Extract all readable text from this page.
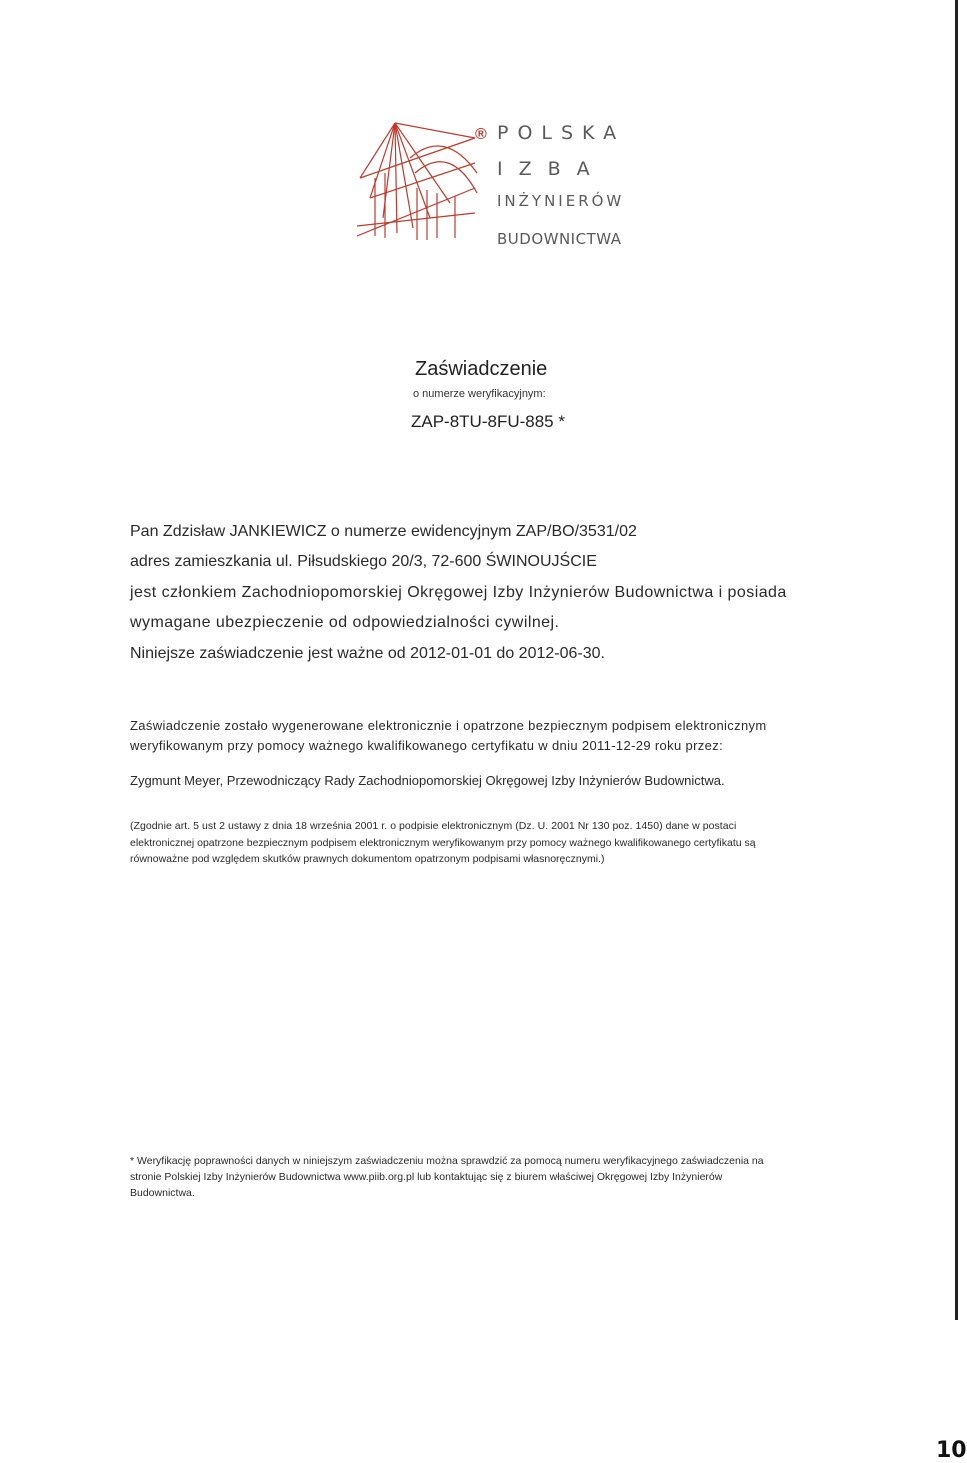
® POLSKA
IZBA
INŻYNIERÓW
BUDOWNICTWA
Zaświadczenie
o numerze weryfikacyjnym:
ZAP-8TU-8FU-885 *
Pan Zdzisław JANKIEWICZ o numerze ewidencyjnym ZAP/BO/3531/02
adres zamieszkania ul. Piłsudskiego 20/3, 72-600 ŚWINOUJŚCIE
jest członkiem Zachodniopomorskiej Okręgowej Izby Inżynierów Budownictwa i posiada
wymagane ubezpieczenie od odpowiedzialności cywilnej.
Niniejsze zaświadczenie jest ważne od 2012-01-01 do 2012-06-30.
Zaświadczenie zostało wygenerowane elektronicznie i opatrzone bezpiecznym podpisem elektronicznym
weryfikowanym przy pomocy ważnego kwalifikowanego certyfikatu w dniu 2011-12-29 roku przez:
Zygmunt Meyer, Przewodniczący Rady Zachodniopomorskiej Okręgowej Izby Inżynierów Budownictwa.
(Zgodnie art. 5 ust 2 ustawy z dnia 18 września 2001 r. o podpisie elektronicznym (Dz. U. 2001 Nr 130 poz. 1450) dane w postaci
elektronicznej opatrzone bezpiecznym podpisem elektronicznym weryfikowanym przy pomocy ważnego kwalifikowanego certyfikatu są
równoważne pod względem skutków prawnych dokumentom opatrzonym podpisami własnoręcznymi.)
* Weryfikację poprawności danych w niniejszym zaświadczeniu można sprawdzić za pomocą numeru weryfikacyjnego zaświadczenia na
stronie Polskiej Izby Inżynierów Budownictwa www.piib.org.pl lub kontaktując się z biurem właściwej Okręgowej Izby Inżynierów
Budownictwa.
10
